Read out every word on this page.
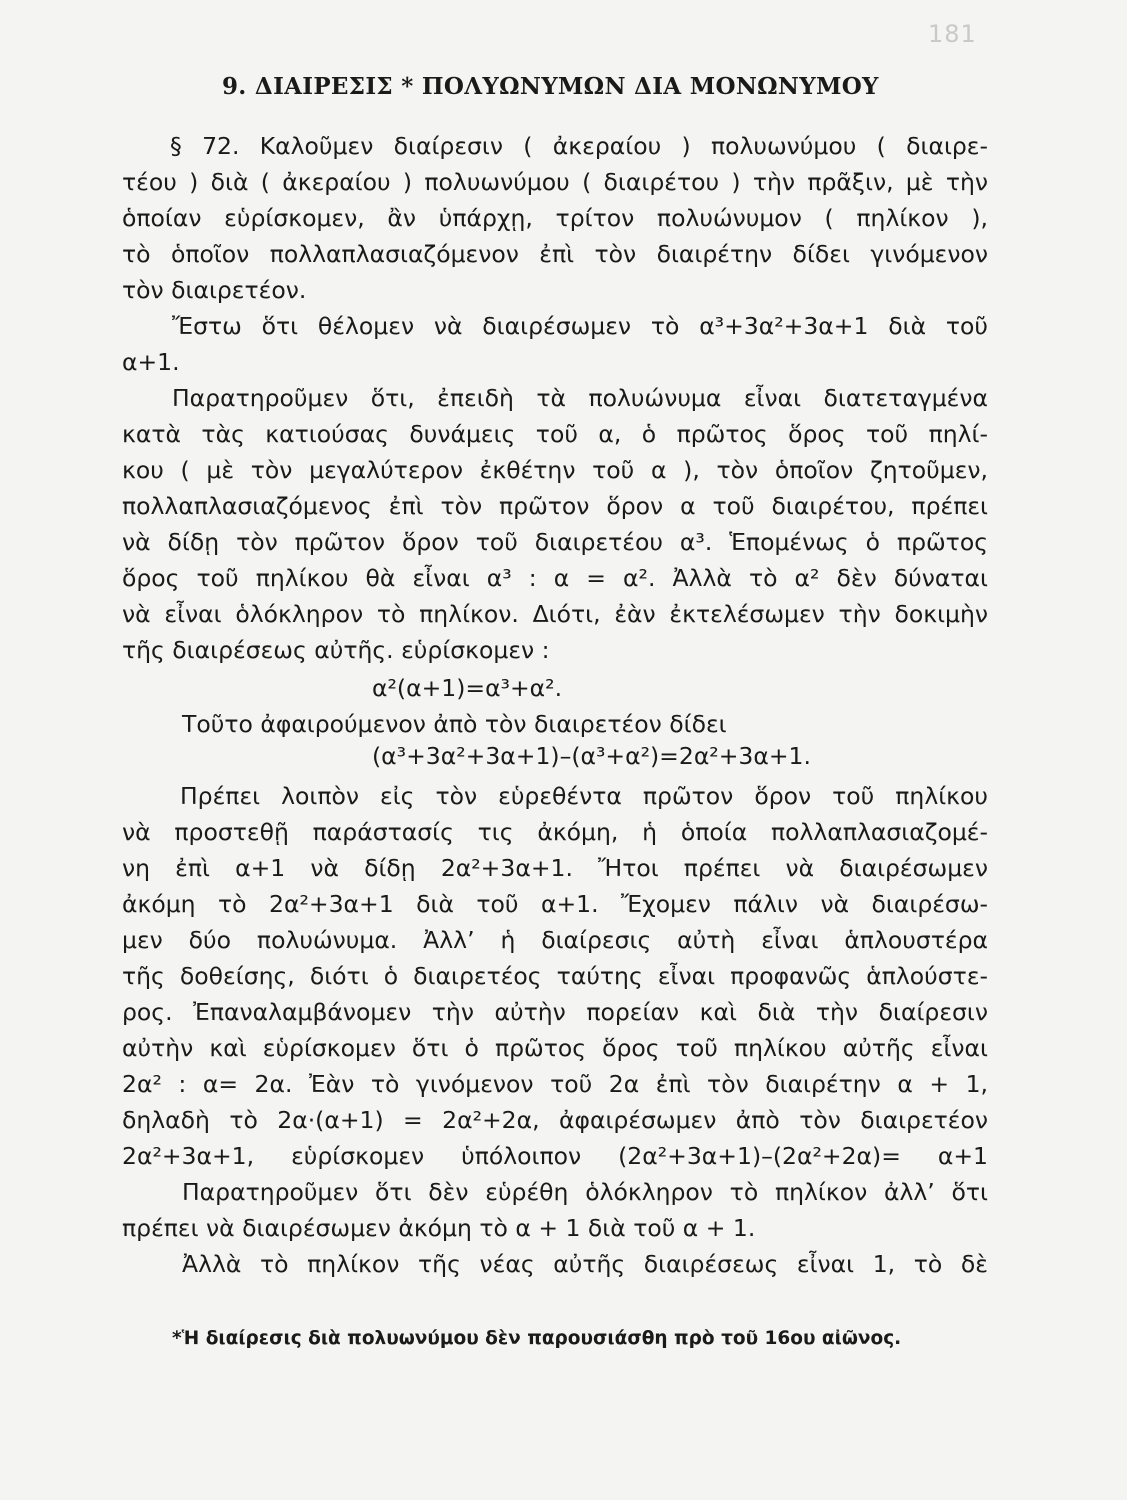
181
9. ΔΙΑΙΡΕΣΙΣ * ΠΟΛΥΩΝΥΜΩΝ ΔΙΑ ΜΟΝΩΝΥΜΟΥ
§ 72. Καλοῦμεν διαίρεσιν ( ἀκεραίου ) πολυωνύμου ( διαιρε-
τέου ) διὰ ( ἀκεραίου ) πολυωνύμου ( διαιρέτου ) τὴν πρᾶξιν, μὲ τὴν
ὁποίαν εὑρίσκομεν, ἂν ὑπάρχῃ, τρίτον πολυώνυμον ( πηλίκον ),
τὸ ὁποῖον πολλαπλασιαζόμενον ἐπὶ τὸν διαιρέτην δίδει γινόμενον
τὸν διαιρετέον.
Ἔστω ὅτι θέλομεν νὰ διαιρέσωμεν τὸ α³+3α²+3α+1 διὰ τοῦ
α+1.
Παρατηροῦμεν ὅτι, ἐπειδὴ τὰ πολυώνυμα εἶναι διατεταγμένα
κατὰ τὰς κατιούσας δυνάμεις τοῦ α, ὁ πρῶτος ὅρος τοῦ πηλί-
κου ( μὲ τὸν μεγαλύτερον ἐκθέτην τοῦ α ), τὸν ὁποῖον ζητοῦμεν,
πολλαπλασιαζόμενος ἐπὶ τὸν πρῶτον ὅρον α τοῦ διαιρέτου, πρέπει
νὰ δίδῃ τὸν πρῶτον ὅρον τοῦ διαιρετέου α³. Ἑπομένως ὁ πρῶτος
ὅρος τοῦ πηλίκου θὰ εἶναι α³ : α = α². Ἀλλὰ τὸ α² δὲν δύναται
νὰ εἶναι ὁλόκληρον τὸ πηλίκον. Διότι, ἐὰν ἐκτελέσωμεν τὴν δοκιμὴν
τῆς διαιρέσεως αὐτῆς. εὑρίσκομεν :
α²(α+1)=α³+α².
Τοῦτο ἀφαιρούμενον ἀπὸ τὸν διαιρετέον δίδει
(α³+3α²+3α+1)–(α³+α²)=2α²+3α+1.
Πρέπει λοιπὸν εἰς τὸν εὑρεθέντα πρῶτον ὅρον τοῦ πηλίκου
νὰ προστεθῇ παράστασίς τις ἀκόμη, ἡ ὁποία πολλαπλασιαζομέ-
νη ἐπὶ α+1 νὰ δίδῃ 2α²+3α+1. Ἤτοι πρέπει νὰ διαιρέσωμεν
ἀκόμη τὸ 2α²+3α+1 διὰ τοῦ α+1. Ἔχομεν πάλιν νὰ διαιρέσω-
μεν δύο πολυώνυμα. Ἀλλ’ ἡ διαίρεσις αὐτὴ εἶναι ἁπλουστέρα
τῆς δοθείσης, διότι ὁ διαιρετέος ταύτης εἶναι προφανῶς ἁπλούστε-
ρος. Ἐπαναλαμβάνομεν τὴν αὐτὴν πορείαν καὶ διὰ τὴν διαίρεσιν
αὐτὴν καὶ εὑρίσκομεν ὅτι ὁ πρῶτος ὅρος τοῦ πηλίκου αὐτῆς εἶναι
2α² : α= 2α. Ἐὰν τὸ γινόμενον τοῦ 2α ἐπὶ τὸν διαιρέτην α + 1,
δηλαδὴ τὸ 2α·(α+1) = 2α²+2α, ἀφαιρέσωμεν ἀπὸ τὸν διαιρετέον
2α²+3α+1, εὑρίσκομεν ὑπόλοιπον (2α²+3α+1)–(2α²+2α)= α+1
Παρατηροῦμεν ὅτι δὲν εὑρέθη ὁλόκληρον τὸ πηλίκον ἀλλ’ ὅτι
πρέπει νὰ διαιρέσωμεν ἀκόμη τὸ α + 1 διὰ τοῦ α + 1.
Ἀλλὰ τὸ πηλίκον τῆς νέας αὐτῆς διαιρέσεως εἶναι 1, τὸ δὲ
*Ἡ διαίρεσις διὰ πολυωνύμου δὲν παρουσιάσθη πρὸ τοῦ 16ου αἰῶνος.
